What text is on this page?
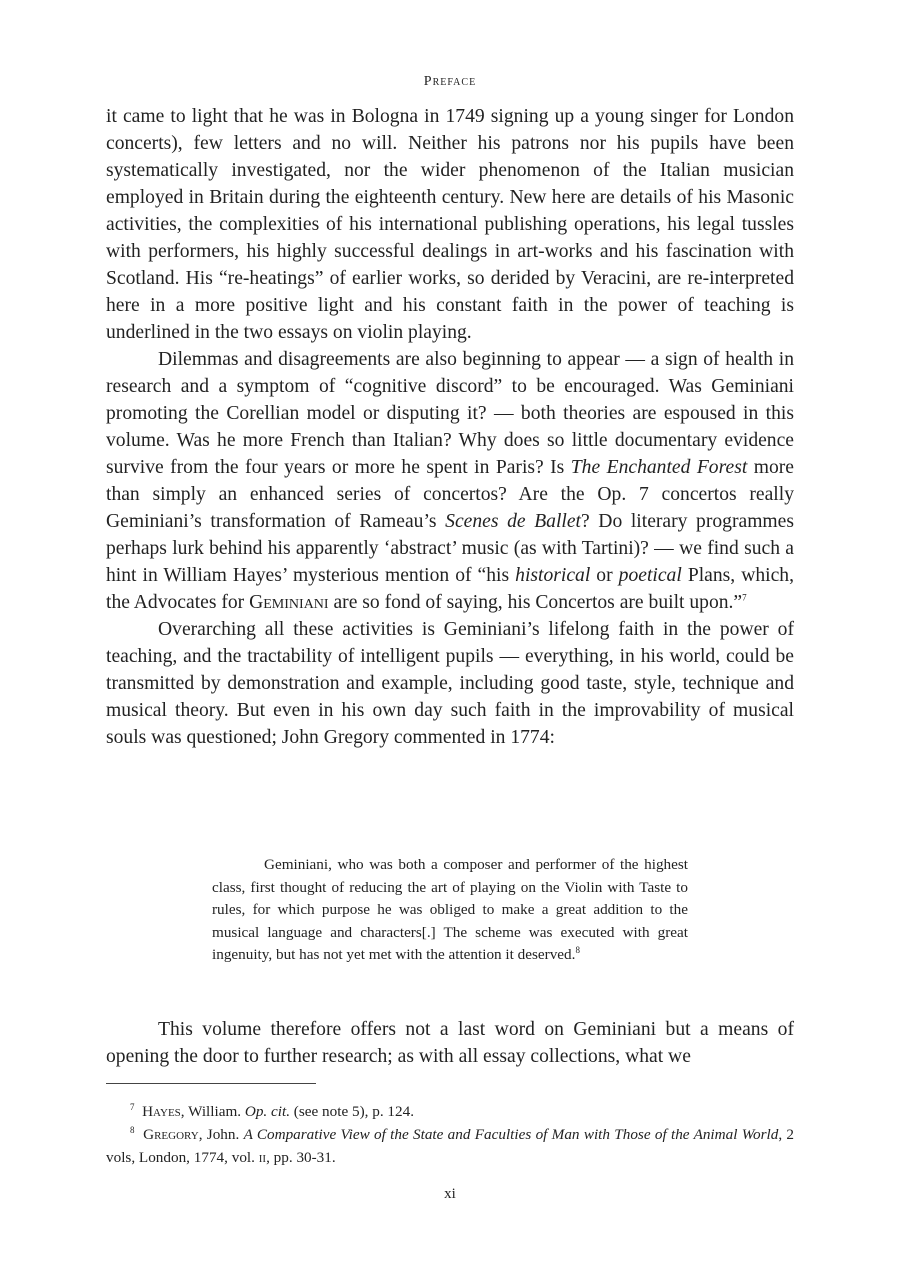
Preface

it came to light that he was in Bologna in 1749 signing up a young singer for London concerts), few letters and no will. Neither his patrons nor his pupils have been systematically investigated, nor the wider phenomenon of the Italian musician employed in Britain during the eighteenth century. New here are details of his Masonic activities, the complexities of his international publishing operations, his legal tussles with performers, his highly successful dealings in art-works and his fascination with Scotland. His “re-heatings” of earlier works, so derided by Veracini, are re-interpreted here in a more positive light and his constant faith in the power of teaching is underlined in the two essays on violin playing.

Dilemmas and disagreements are also beginning to appear — a sign of health in research and a symptom of “cognitive discord” to be encouraged. Was Geminiani promoting the Corellian model or disputing it? — both theories are espoused in this volume. Was he more French than Italian? Why does so little documentary evidence survive from the four years or more he spent in Paris? Is The Enchanted Forest more than simply an enhanced series of concertos? Are the Op. 7 concertos really Geminiani’s transformation of Rameau’s Scenes de Ballet? Do literary programmes perhaps lurk behind his apparently ‘abstract’ music (as with Tartini)? — we find such a hint in William Hayes’ mysterious mention of “his historical or poetical Plans, which, the Advocates for Geminiani are so fond of saying, his Concertos are built upon.”$^7$

Overarching all these activities is Geminiani’s lifelong faith in the power of teaching, and the tractability of intelligent pupils — everything, in his world, could be transmitted by demonstration and example, including good taste, style, technique and musical theory. But even in his own day such faith in the improvability of musical souls was questioned; John Gregory commented in 1774:

Geminiani, who was both a composer and performer of the highest class, first thought of reducing the art of playing on the Violin with Taste to rules, for which purpose he was obliged to make a great addition to the musical language and characters[.] The scheme was executed with great ingenuity, but has not yet met with the attention it deserved.$^8$

This volume therefore offers not a last word on Geminiani but a means of opening the door to further research; as with all essay collections, what we

$^7$ Hayes, William. Op. cit. (see note 5), p. 124.

$^8$ Gregory, John. A Comparative View of the State and Faculties of Man with Those of the Animal World, 2 vols, London, 1774, vol. ii, pp. 30-31.

xi
